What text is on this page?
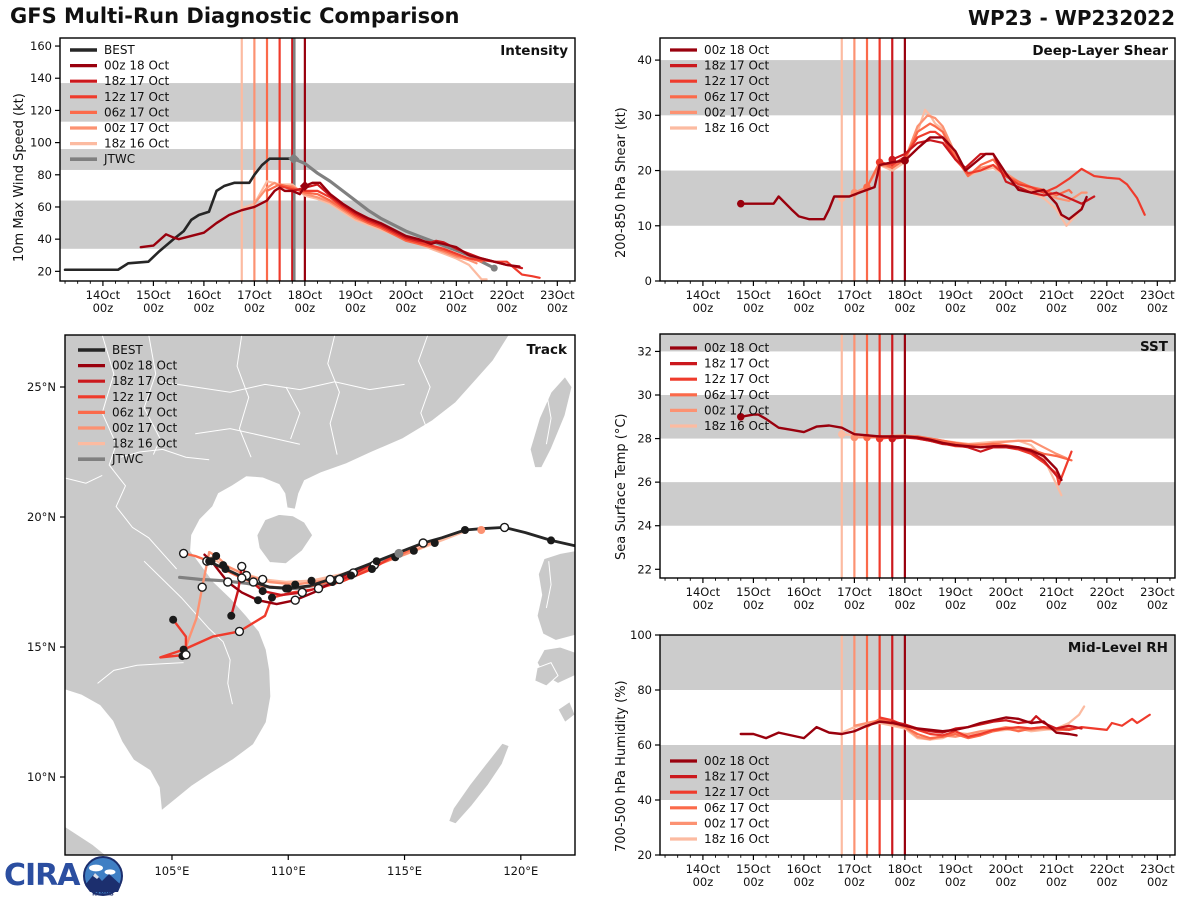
GFS Multi-Run Diagnostic Comparison	WP23 - WP232022
14Oct
00z
15Oct
00z
16Oct
00z
17Oct
00z
18Oct
00z
19Oct
00z
20Oct
00z
21Oct
00z
22Oct
00z
23Oct
00z
20
40
60
80
100
120
140
160	Intensity
BEST
00z 18 Oct
18z 17 Oct
12z 17 Oct
06z 17 Oct
00z 17 Oct
18z 16 Oct
JTWC
105°E	110°E	115°E	120°E
10°N
15°N
20°N
25°N
Track
BEST
00z 18 Oct
18z 17 Oct
12z 17 Oct
06z 17 Oct
00z 17 Oct
18z 16 Oct
JTWC
14Oct
00z
15Oct
00z
16Oct
00z
17Oct
00z
18Oct
00z
19Oct
00z
20Oct
00z
21Oct
00z
22Oct
00z
23Oct
00z
0
10
20
30
40
Deep-Layer Shear
00z 18 Oct
18z 17 Oct
12z 17 Oct
06z 17 Oct
00z 17 Oct
18z 16 Oct
14Oct
00z
15Oct
00z
16Oct
00z
17Oct
00z
18Oct
00z
19Oct
00z
20Oct
00z
21Oct
00z
22Oct
00z
23Oct
00z
22
24
26
28
30
32	SST
00z 18 Oct
18z 17 Oct
12z 17 Oct
06z 17 Oct
00z 17 Oct
18z 16 Oct
14Oct
00z
15Oct
00z
16Oct
00z
17Oct
00z
18Oct
00z
19Oct
00z
20Oct
00z
21Oct
00z
22Oct
00z
23Oct
00z
20
40
60
80
100
Mid-Level RH
00z 18 Oct
18z 17 Oct
12z 17 Oct
06z 17 Oct
00z 17 Oct
18z 16 Oct
10m Max Wind Speed (kt)	200-850 hPa Shear (kt)
Sea Surface Temp (°C)
700-500 hPa Humidity (%)
CIRA
RAMMB
